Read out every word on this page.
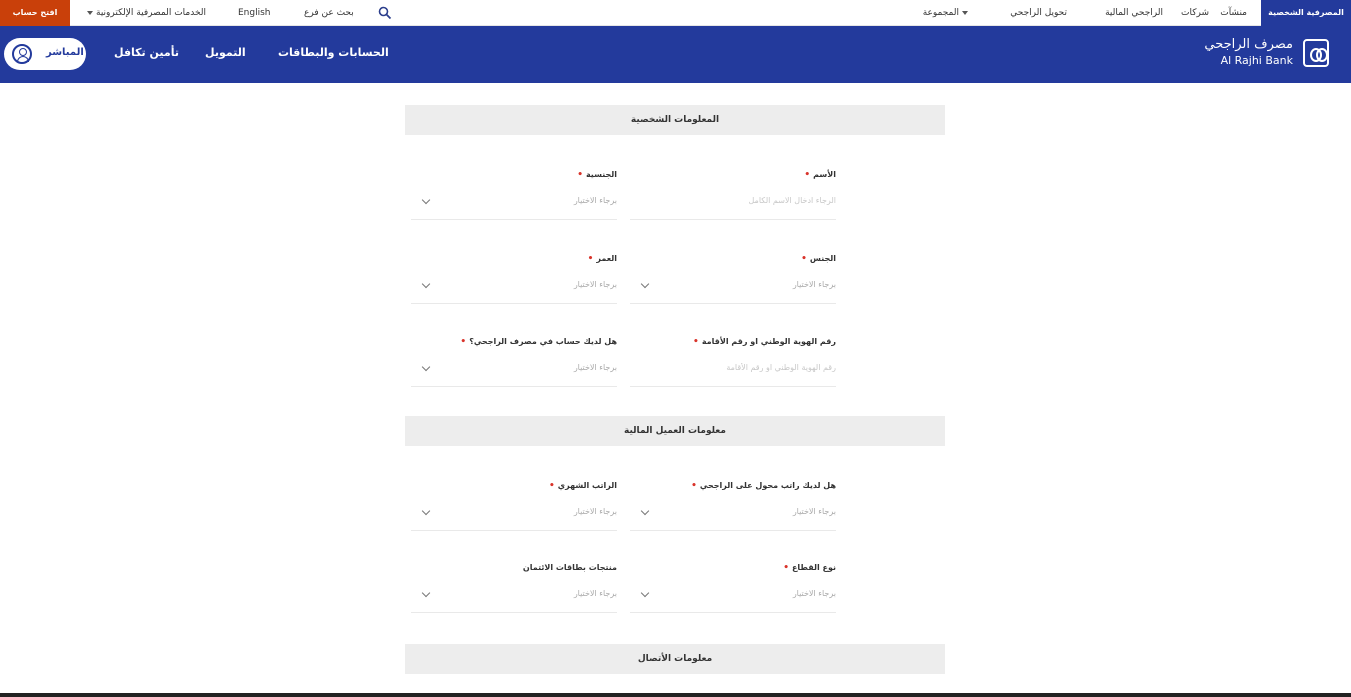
المصرفية الشخصية
منشآت
شركات
الراجحي المالية
تحويل الراجحي
المجموعة
بحث عن فرع
English
الخدمات المصرفية الإلكترونية
افتح حساب
مصرف الراجحي
Al Rajhi Bank
الحسابات والبطاقات
التمويل
تأمين تكافل
المباشر
المعلومات الشخصية
الأسم•
الرجاء ادخال الاسم الكامل
الجنسية•
برجاء الاختيار
الجنس•
برجاء الاختيار
العمر•
برجاء الاختيار
رقم الهوية الوطني او رقم الأقامة•
رقم الهوية الوطني او رقم الأقامة
هل لديك حساب في مصرف الراجحي؟•
برجاء الاختيار
معلومات العميل المالية
هل لديك راتب محول على الراجحي•
برجاء الاختيار
الراتب الشهري•
برجاء الاختيار
نوع القطاع•
برجاء الاختيار
منتجات بطاقات الائتمان
برجاء الاختيار
معلومات الأتصال
